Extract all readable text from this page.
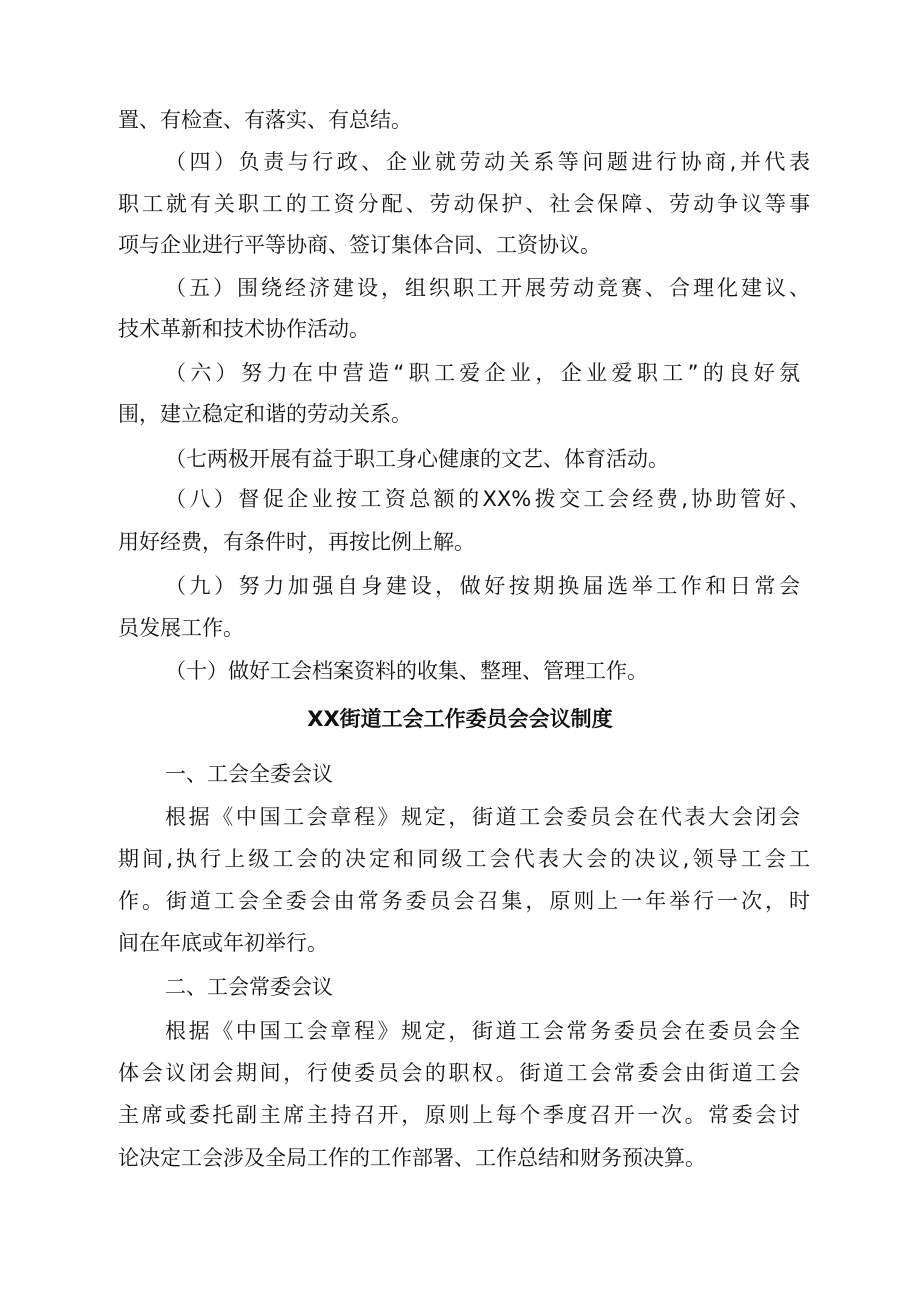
置、有检查、有落实、有总结。
（四）负责与行政、企业就劳动关系等问题进行协商,并代表
职工就有关职工的工资分配、劳动保护、社会保障、劳动争议等事
项与企业进行平等协商、签订集体合同、工资协议。
（五）围绕经济建设，组织职工开展劳动竞赛、合理化建议、
技术革新和技术协作活动。
（六）努力在中营造“职工爱企业，企业爱职工”的良好氛
围，建立稳定和谐的劳动关系。
（七两极开展有益于职工身心健康的文艺、体育活动。
（八）督促企业按工资总额的XX%拨交工会经费,协助管好、
用好经费，有条件时，再按比例上解。
（九）努力加强自身建设，做好按期换届选举工作和日常会
员发展工作。
（十）做好工会档案资料的收集、整理、管理工作。
XX街道工会工作委员会会议制度
一、工会全委会议
根据《中国工会章程》规定，街道工会委员会在代表大会闭会
期间,执行上级工会的决定和同级工会代表大会的决议,领导工会工
作。街道工会全委会由常务委员会召集，原则上一年举行一次，时
间在年底或年初举行。
二、工会常委会议
根据《中国工会章程》规定，街道工会常务委员会在委员会全
体会议闭会期间，行使委员会的职权。街道工会常委会由街道工会
主席或委托副主席主持召开，原则上每个季度召开一次。常委会讨
论决定工会涉及全局工作的工作部署、工作总结和财务预决算。
